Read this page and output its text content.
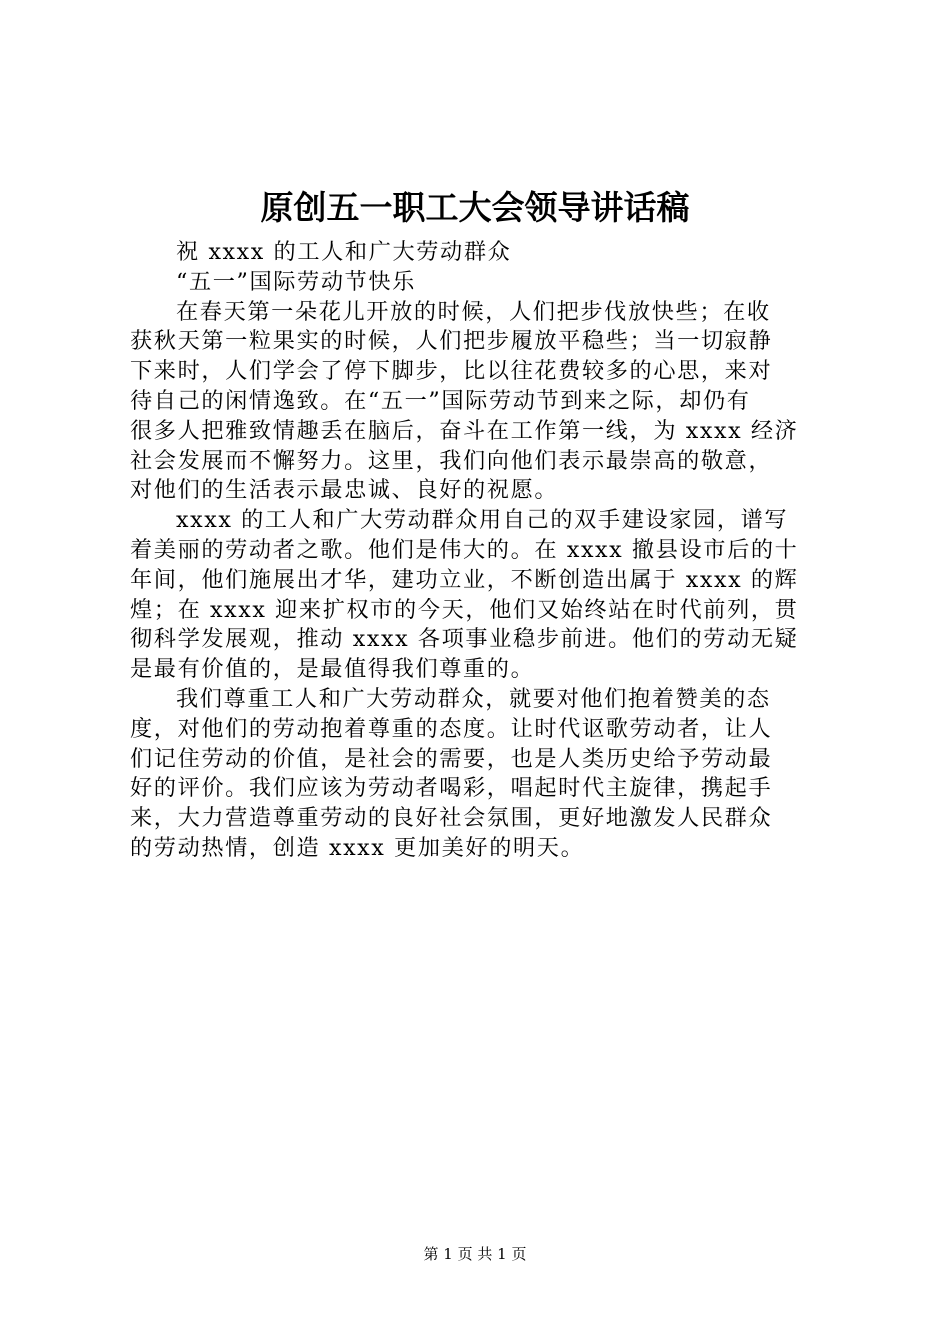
原创五一职工大会领导讲话稿
祝 xxxx 的工人和广大劳动群众
“五一”国际劳动节快乐
在春天第一朵花儿开放的时候，人们把步伐放快些；在收
获秋天第一粒果实的时候，人们把步履放平稳些；当一切寂静
下来时，人们学会了停下脚步，比以往花费较多的心思，来对
待自己的闲情逸致。在“五一”国际劳动节到来之际，却仍有
很多人把雅致情趣丢在脑后，奋斗在工作第一线，为 xxxx 经济
社会发展而不懈努力。这里，我们向他们表示最崇高的敬意，
对他们的生活表示最忠诚、良好的祝愿。
xxxx 的工人和广大劳动群众用自己的双手建设家园，谱写
着美丽的劳动者之歌。他们是伟大的。在 xxxx 撤县设市后的十
年间，他们施展出才华，建功立业，不断创造出属于 xxxx 的辉
煌；在 xxxx 迎来扩权市的今天，他们又始终站在时代前列，贯
彻科学发展观，推动 xxxx 各项事业稳步前进。他们的劳动无疑
是最有价值的，是最值得我们尊重的。
我们尊重工人和广大劳动群众，就要对他们抱着赞美的态
度，对他们的劳动抱着尊重的态度。让时代讴歌劳动者，让人
们记住劳动的价值，是社会的需要，也是人类历史给予劳动最
好的评价。我们应该为劳动者喝彩，唱起时代主旋律，携起手
来，大力营造尊重劳动的良好社会氛围，更好地激发人民群众
的劳动热情，创造 xxxx 更加美好的明天。
第 1 页 共 1 页
